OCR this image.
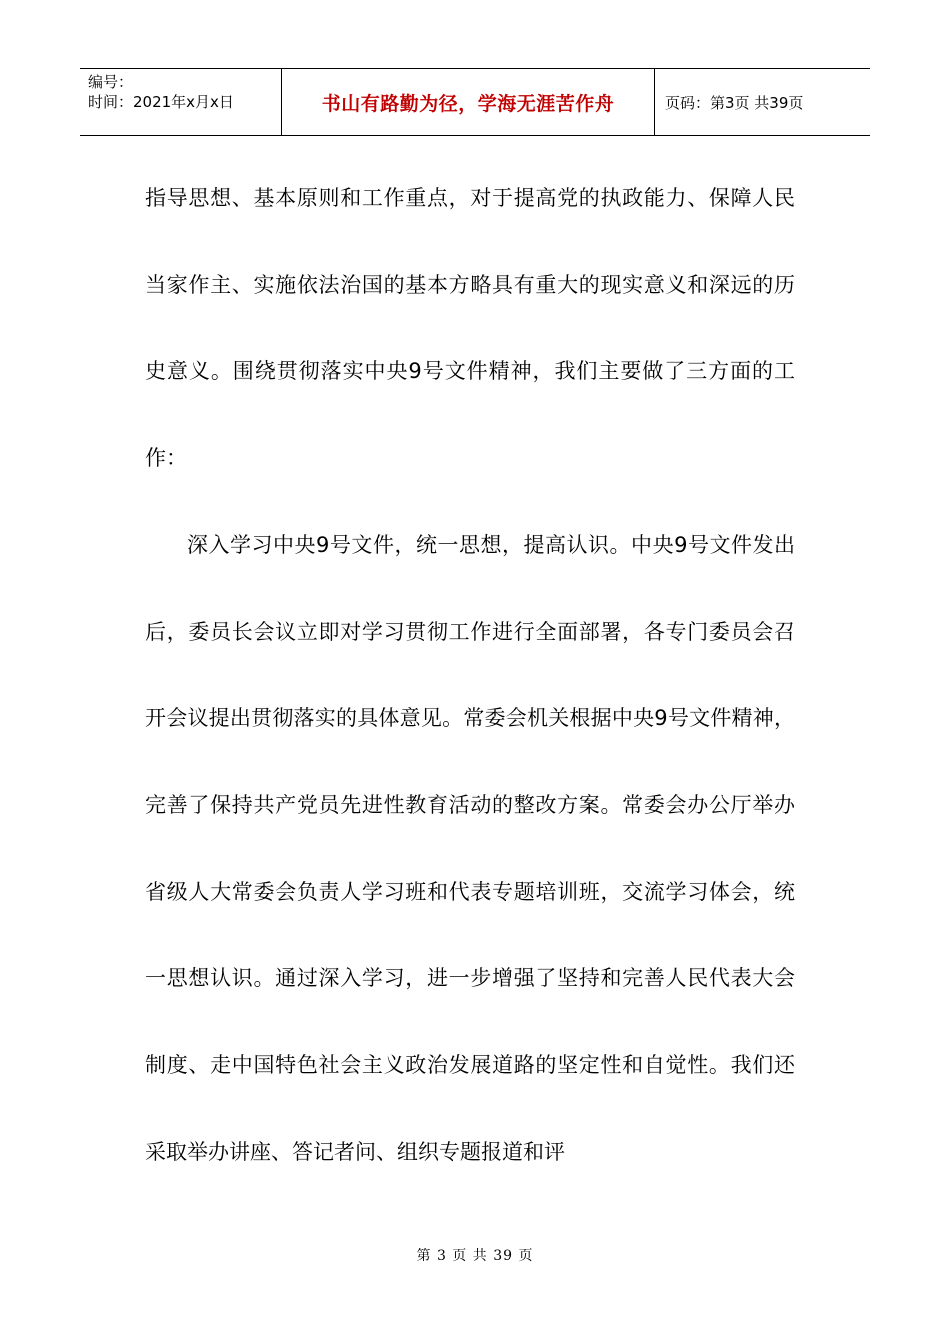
编号：
时间：2021年x月x日	书山有路勤为径，学海无涯苦作舟	页码：第3页 共39页

指导思想、基本原则和工作重点，对于提高党的执政能力、保障人民当家作主、实施依法治国的基本方略具有重大的现实意义和深远的历史意义。围绕贯彻落实中央9号文件精神，我们主要做了三方面的工作：

深入学习中央9号文件，统一思想，提高认识。中央9号文件发出后，委员长会议立即对学习贯彻工作进行全面部署，各专门委员会召开会议提出贯彻落实的具体意见。常委会机关根据中央9号文件精神，完善了保持共产党员先进性教育活动的整改方案。常委会办公厅举办省级人大常委会负责人学习班和代表专题培训班，交流学习体会，统一思想认识。通过深入学习，进一步增强了坚持和完善人民代表大会制度、走中国特色社会主义政治发展道路的坚定性和自觉性。我们还采取举办讲座、答记者问、组织专题报道和评

第 3 页 共 39 页
